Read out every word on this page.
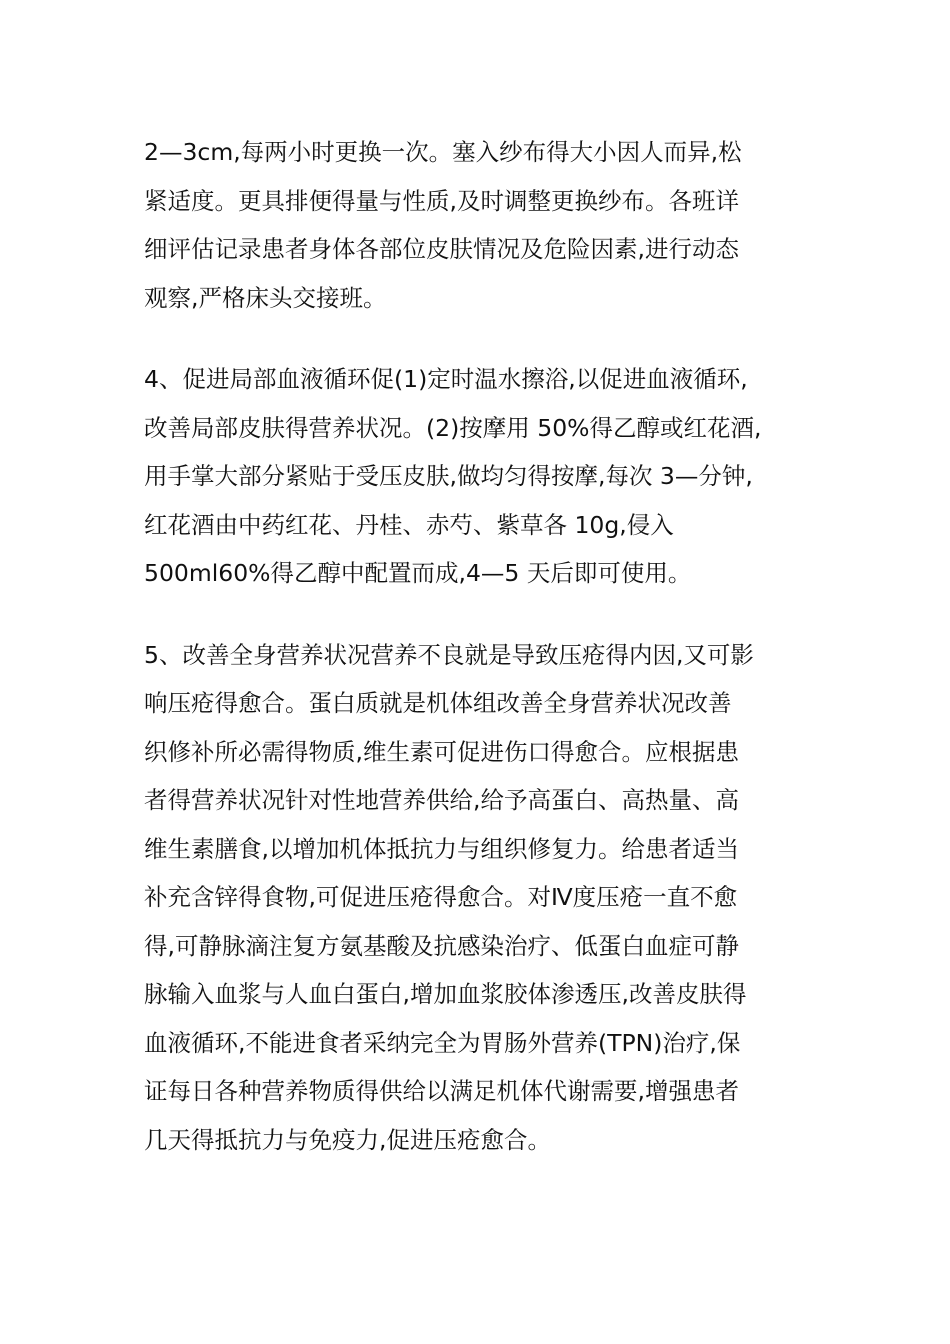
2—3cm,每两小时更换一次。塞入纱布得大小因人而异,松
紧适度。更具排便得量与性质,及时调整更换纱布。各班详
细评估记录患者身体各部位皮肤情况及危险因素,进行动态
观察,严格床头交接班。

4、促进局部血液循环促(1)定时温水擦浴,以促进血液循环,
改善局部皮肤得营养状况。(2)按摩用 50%得乙醇或红花酒,
用手掌大部分紧贴于受压皮肤,做均匀得按摩,每次 3—分钟,
红花酒由中药红花、丹桂、赤芍、紫草各 10g,侵入
500ml60%得乙醇中配置而成,4—5 天后即可使用。

5、改善全身营养状况营养不良就是导致压疮得内因,又可影
响压疮得愈合。蛋白质就是机体组改善全身营养状况改善
织修补所必需得物质,维生素可促进伤口得愈合。应根据患
者得营养状况针对性地营养供给,给予高蛋白、高热量、高
维生素膳食,以增加机体抵抗力与组织修复力。给患者适当
补充含锌得食物,可促进压疮得愈合。对Ⅳ度压疮一直不愈
得,可静脉滴注复方氨基酸及抗感染治疗、低蛋白血症可静
脉输入血浆与人血白蛋白,增加血浆胶体渗透压,改善皮肤得
血液循环,不能进食者采纳完全为胃肠外营养(TPN)治疗,保
证每日各种营养物质得供给以满足机体代谢需要,增强患者
几天得抵抗力与免疫力,促进压疮愈合。
